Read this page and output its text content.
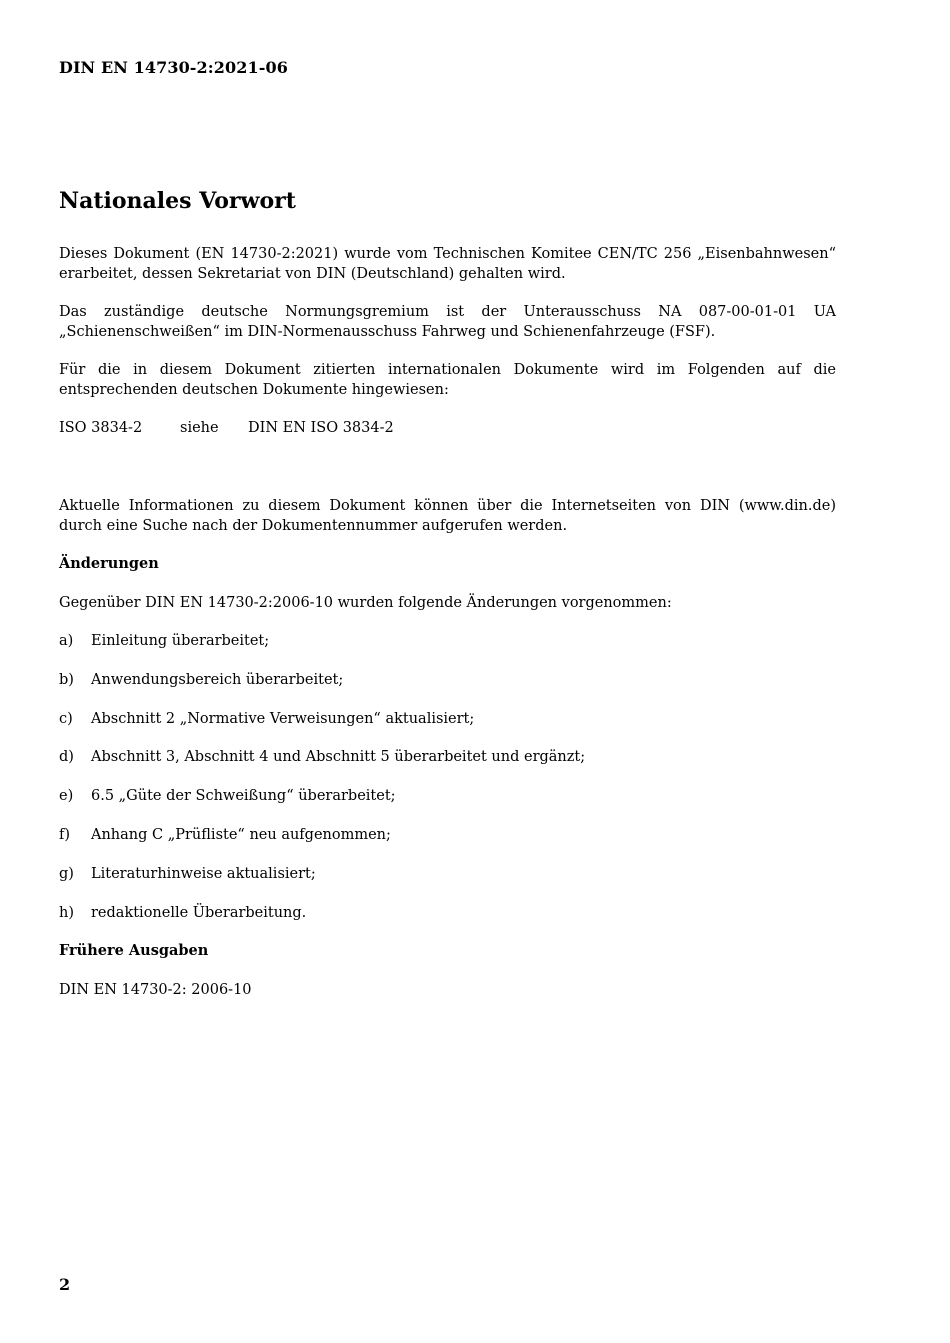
DIN EN 14730-2:2021-06
Nationales Vorwort

Dieses Dokument (EN 14730-2:2021) wurde vom Technischen Komitee CEN/TC 256 „Eisenbahnwesen“ erarbeitet, dessen Sekretariat von DIN (Deutschland) gehalten wird.

Das zuständige deutsche Normungsgremium ist der Unterausschuss NA 087-00-01-01 UA „Schienenschweißen“ im DIN-Normenausschuss Fahrweg und Schienenfahrzeuge (FSF).

Für die in diesem Dokument zitierten internationalen Dokumente wird im Folgenden auf die entsprechenden deutschen Dokumente hingewiesen:

ISO 3834-2	siehe	DIN EN ISO 3834-2

Aktuelle Informationen zu diesem Dokument können über die Internetseiten von DIN (www.din.de) durch eine Suche nach der Dokumentennummer aufgerufen werden.

Änderungen

Gegenüber DIN EN 14730-2:2006-10 wurden folgende Änderungen vorgenommen:

a)	Einleitung überarbeitet;
b)	Anwendungsbereich überarbeitet;
c)	Abschnitt 2 „Normative Verweisungen“ aktualisiert;
d)	Abschnitt 3, Abschnitt 4 und Abschnitt 5 überarbeitet und ergänzt;
e)	6.5 „Güte der Schweißung“ überarbeitet;
f)	Anhang C „Prüfliste“ neu aufgenommen;
g)	Literaturhinweise aktualisiert;
h)	redaktionelle Überarbeitung.
Frühere Ausgaben

DIN EN 14730-2: 2006-10

2
